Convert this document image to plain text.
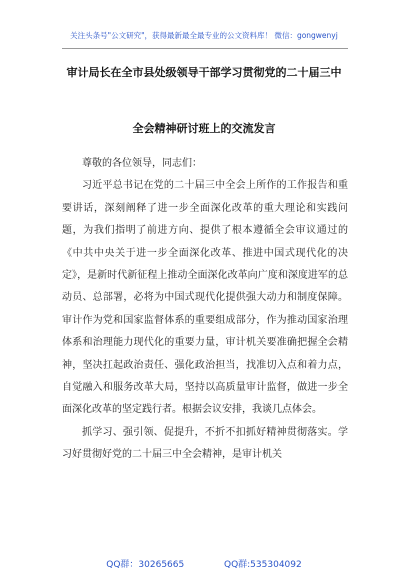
关注头条号"公文研究"，获得最新最全最专业的公文资料库！ 微信：gongwenyj
审计局长在全市县处级领导干部学习贯彻党的二十届三中
全会精神研讨班上的交流发言

尊敬的各位领导，同志们：

习近平总书记在党的二十届三中全会上所作的工作报告和重要讲话，深刻阐释了进一步全面深化改革的重大理论和实践问题，为我们指明了前进方向、提供了根本遵循全会审议通过的《中共中央关于进一步全面深化改革、推进中国式现代化的决定》，是新时代新征程上推动全面深化改革向广度和深度进军的总动员、总部署，必将为中国式现代化提供强大动力和制度保障。审计作为党和国家监督体系的重要组成部分，作为推动国家治理体系和治理能力现代化的重要力量，审计机关要准确把握全会精神，坚决扛起政治责任、强化政治担当，找准切入点和着力点，自觉融入和服务改革大局，坚持以高质量审计监督，做进一步全面深化改革的坚定践行者。根据会议安排，我谈几点体会。

抓学习、强引领、促提升，不折不扣抓好精神贯彻落实。学习好贯彻好党的二十届三中全会精神，是审计机关

QQ群：30265665	QQ群:535304092
